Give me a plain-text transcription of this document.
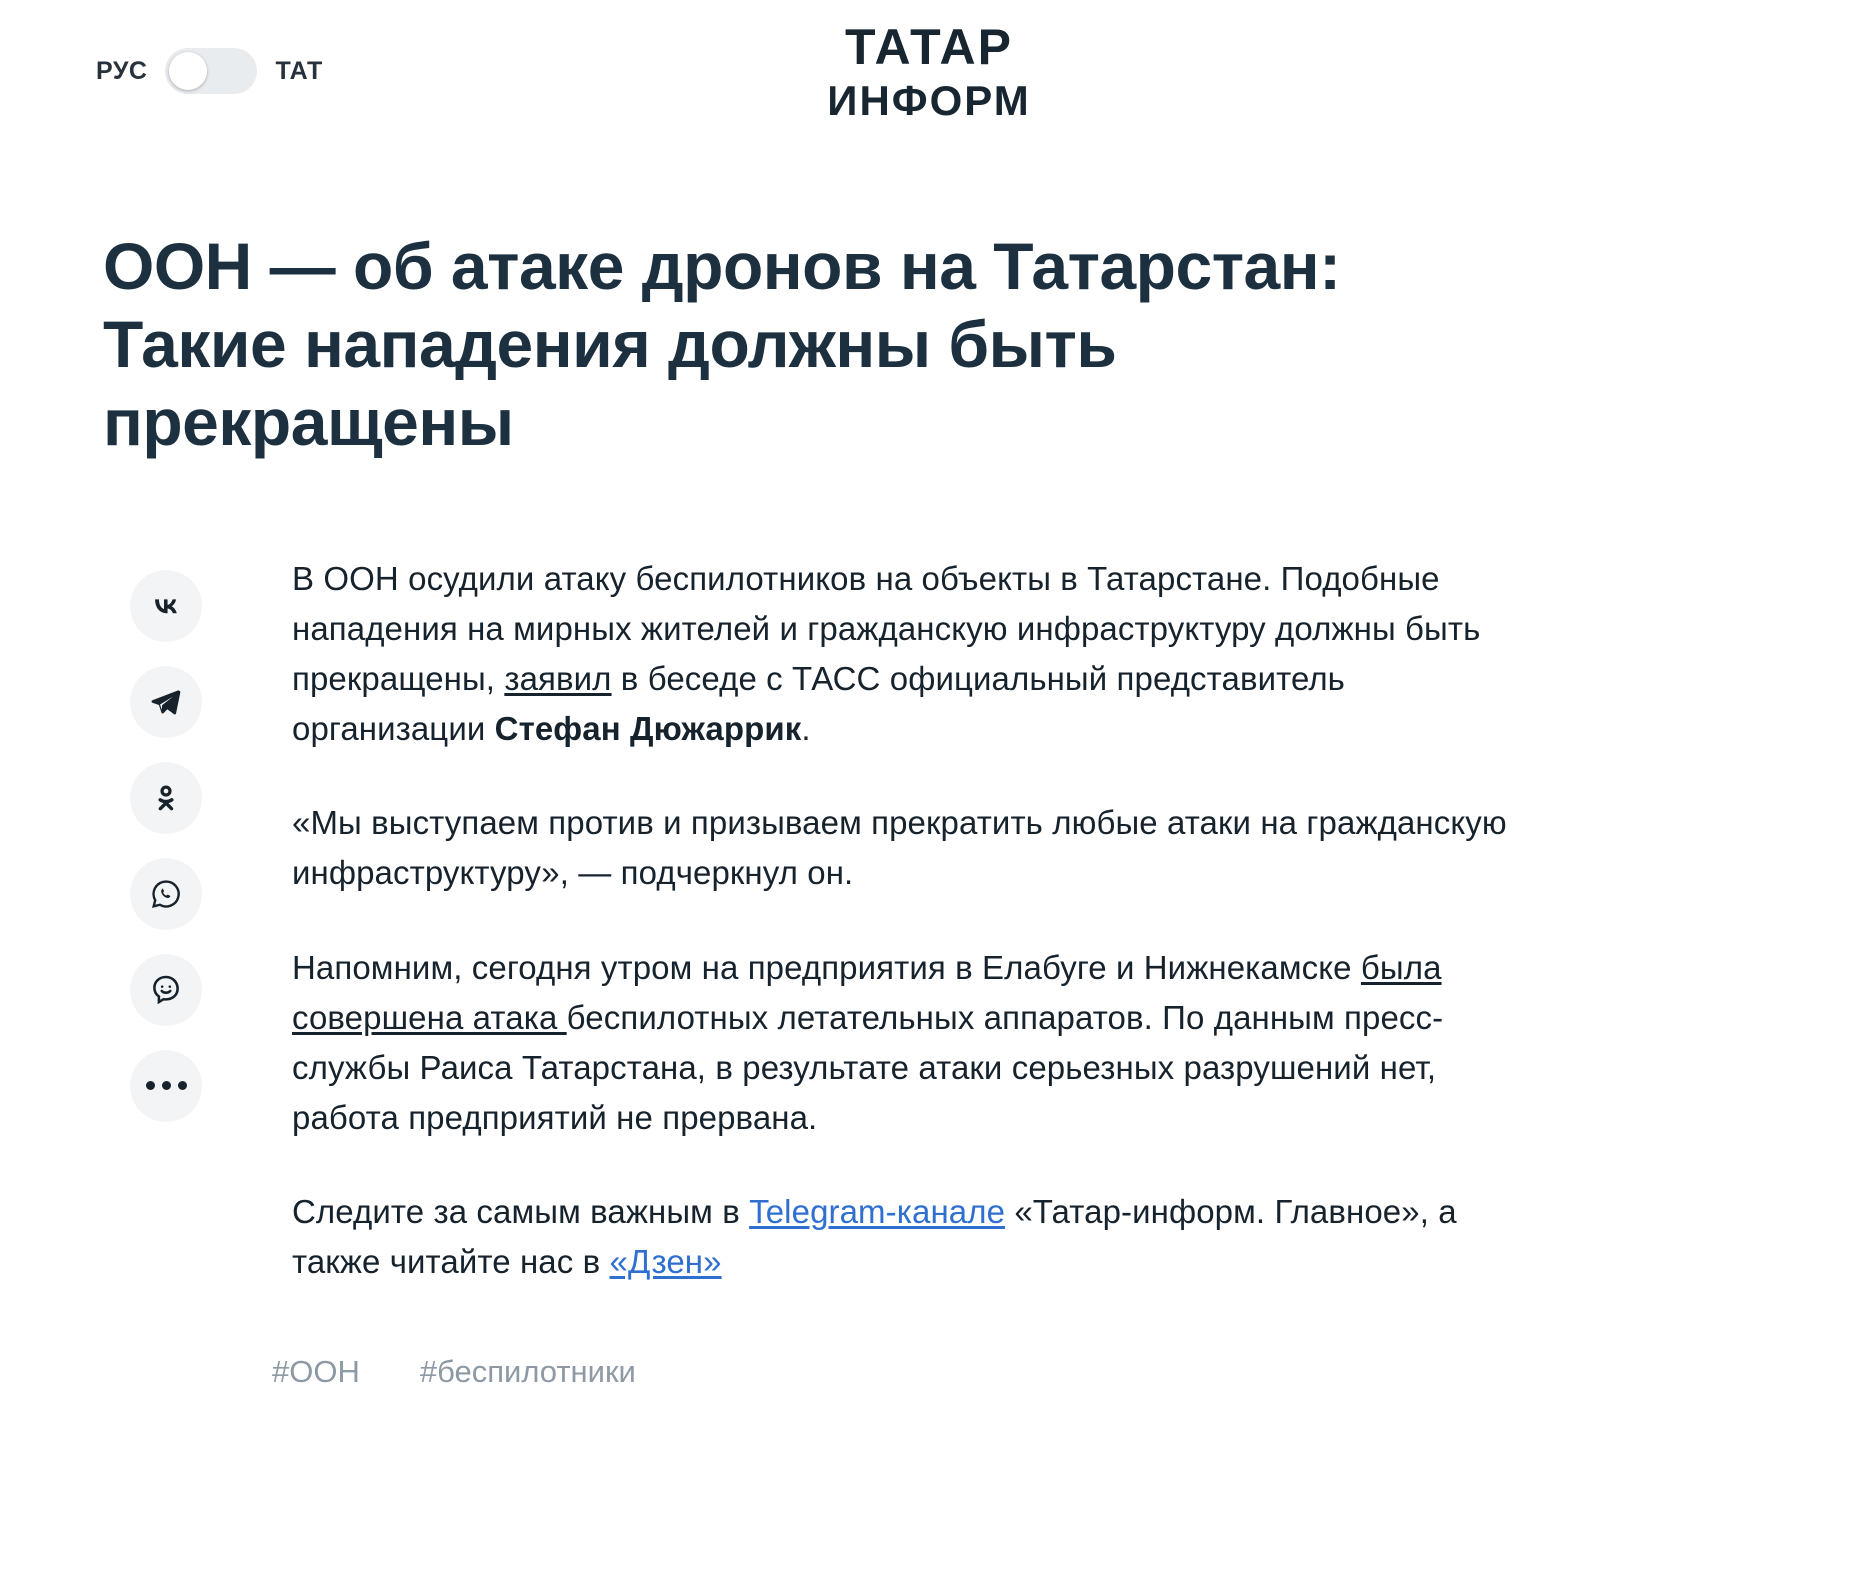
РУС	ТАТ	ТАТАР
ИНФОРМ
ООН — об атаке дронов на Татарстан: Такие нападения должны быть прекращены

В ООН осудили атаку беспилотников на объекты в Татарстане. Подобные нападения на мирных жителей и гражданскую инфраструктуру должны быть прекращены, заявил в беседе с ТАСС официальный представитель организации Стефан Дюжаррик.

«Мы выступаем против и призываем прекратить любые атаки на гражданскую инфраструктуру», — подчеркнул он.

Напомним, сегодня утром на предприятия в Елабуге и Нижнекамске была совершена атака беспилотных летательных аппаратов. По данным пресс-службы Раиса Татарстана, в результате атаки серьезных разрушений нет, работа предприятий не прервана.

Следите за самым важным в Telegram-канале «Татар-информ. Главное», а также читайте нас в «Дзен»

#ООН #беспилотники
